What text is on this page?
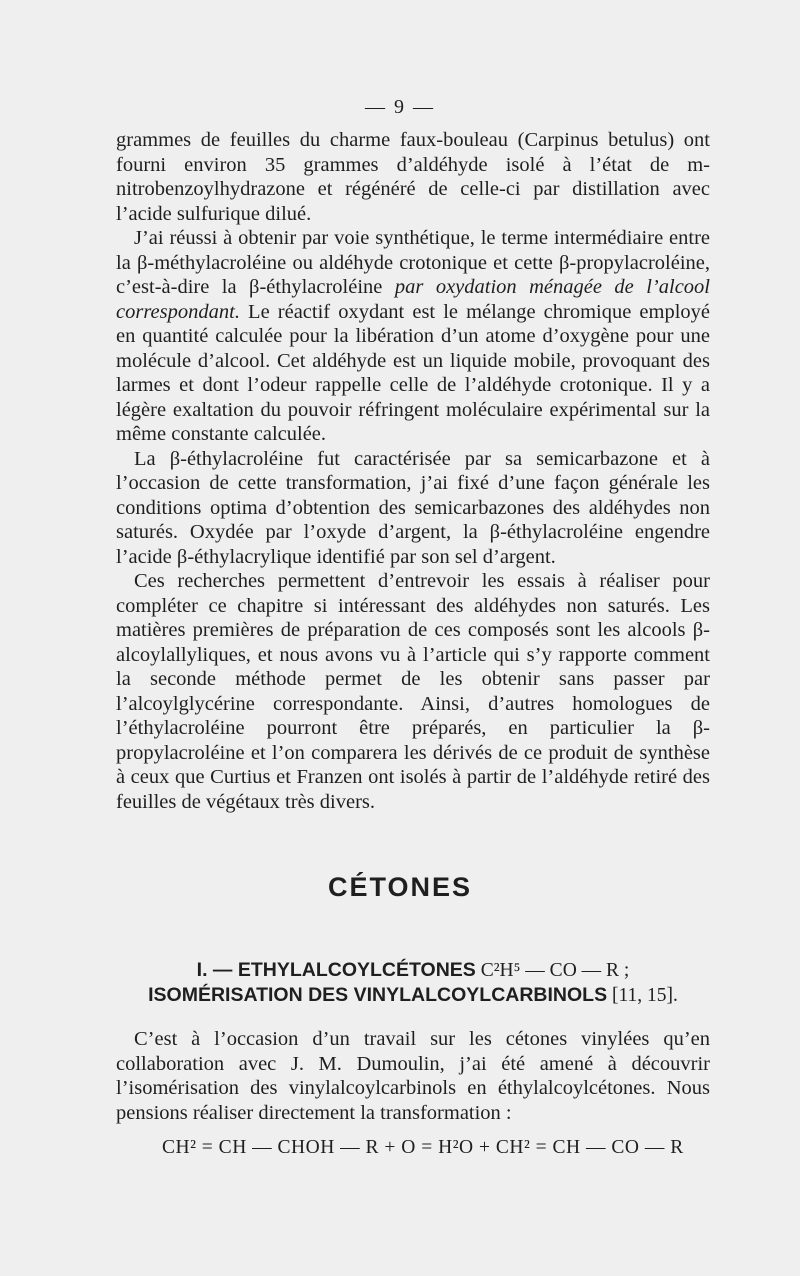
— 9 —

grammes de feuilles du charme faux-bouleau (Carpinus betulus) ont fourni environ 35 grammes d’aldéhyde isolé à l’état de m-nitrobenzoylhydrazone et régénéré de celle-ci par distillation avec l’acide sulfurique dilué.

J’ai réussi à obtenir par voie synthétique, le terme intermédiaire entre la β-méthylacroléine ou aldéhyde crotonique et cette β-propylacroléine, c’est-à-dire la β-éthylacroléine par oxydation ménagée de l’alcool correspondant. Le réactif oxydant est le mélange chromique employé en quantité calculée pour la libération d’un atome d’oxygène pour une molécule d’alcool. Cet aldéhyde est un liquide mobile, provoquant des larmes et dont l’odeur rappelle celle de l’aldéhyde crotonique. Il y a légère exaltation du pouvoir réfringent moléculaire expérimental sur la même constante calculée.

La β-éthylacroléine fut caractérisée par sa semicarbazone et à l’occasion de cette transformation, j’ai fixé d’une façon générale les conditions optima d’obtention des semicarbazones des aldéhydes non saturés. Oxydée par l’oxyde d’argent, la β-éthylacroléine engendre l’acide β-éthylacrylique identifié par son sel d’argent.

Ces recherches permettent d’entrevoir les essais à réaliser pour compléter ce chapitre si intéressant des aldéhydes non saturés. Les matières premières de préparation de ces composés sont les alcools β-alcoylallyliques, et nous avons vu à l’article qui s’y rapporte comment la seconde méthode permet de les obtenir sans passer par l’alcoylglycérine correspondante. Ainsi, d’autres homologues de l’éthylacroléine pourront être préparés, en particulier la β-propylacroléine et l’on comparera les dérivés de ce produit de synthèse à ceux que Curtius et Franzen ont isolés à partir de l’aldéhyde retiré des feuilles de végétaux très divers.

CÉTONES
I. — ETHYLALCOYLCÉTONES C²H⁵ — CO — R ;
ISOMÉRISATION DES VINYLALCOYLCARBINOLS [11, 15].

C’est à l’occasion d’un travail sur les cétones vinylées qu’en collaboration avec J. M. Dumoulin, j’ai été amené à découvrir l’isomérisation des vinylalcoylcarbinols en éthylalcoylcétones. Nous pensions réaliser directement la transformation :

CH² = CH — CHOH — R + O = H²O + CH² = CH — CO — R
